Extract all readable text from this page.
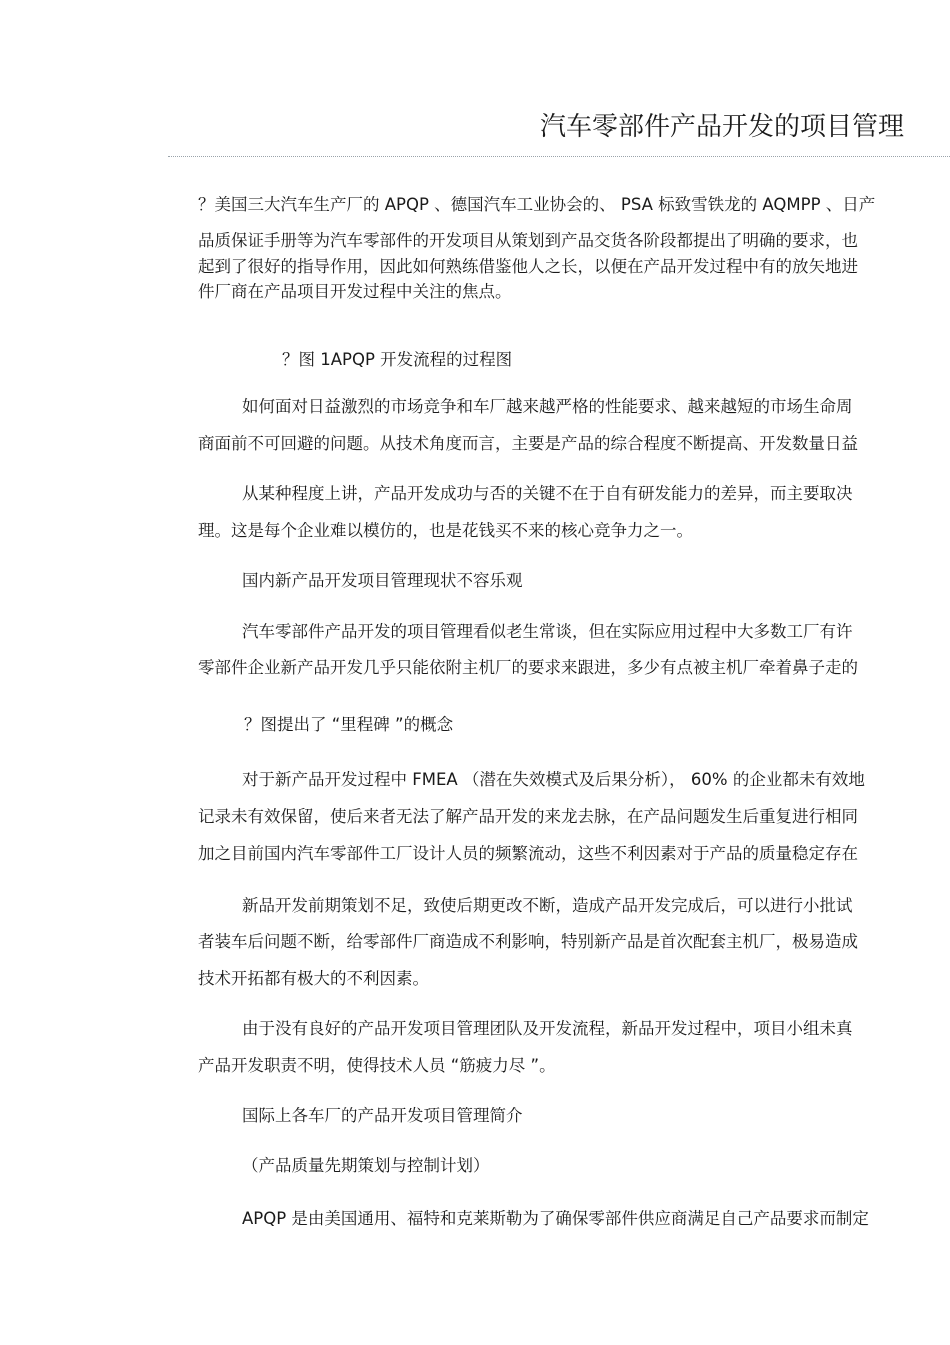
汽车零部件产品开发的项目管理
？美国三大汽车生产厂的 APQP 、德国汽车工业协会的、 PSA 标致雪铁龙的 AQMPP 、日产
品质保证手册等为汽车零部件的开发项目从策划到产品交货各阶段都提出了明确的要求，也
起到了很好的指导作用，因此如何熟练借鉴他人之长，以便在产品开发过程中有的放矢地进
件厂商在产品项目开发过程中关注的焦点。
？图 1APQP 开发流程的过程图
如何面对日益激烈的市场竞争和车厂越来越严格的性能要求、越来越短的市场生命周
商面前不可回避的问题。从技术角度而言，主要是产品的综合程度不断提高、开发数量日益
从某种程度上讲，产品开发成功与否的关键不在于自有研发能力的差异，而主要取决
理。这是每个企业难以模仿的，也是花钱买不来的核心竞争力之一。
国内新产品开发项目管理现状不容乐观
汽车零部件产品开发的项目管理看似老生常谈，但在实际应用过程中大多数工厂有许
零部件企业新产品开发几乎只能依附主机厂的要求来跟进，多少有点被主机厂牵着鼻子走的
？图提出了 “里程碑 ”的概念
对于新产品开发过程中 FMEA （潜在失效模式及后果分析）， 60% 的企业都未有效地
记录未有效保留，使后来者无法了解产品开发的来龙去脉，在产品问题发生后重复进行相同
加之目前国内汽车零部件工厂设计人员的频繁流动，这些不利因素对于产品的质量稳定存在
新品开发前期策划不足，致使后期更改不断，造成产品开发完成后，可以进行小批试
者装车后问题不断，给零部件厂商造成不利影响，特别新产品是首次配套主机厂，极易造成
技术开拓都有极大的不利因素。
由于没有良好的产品开发项目管理团队及开发流程，新品开发过程中，项目小组未真
产品开发职责不明，使得技术人员 “筋疲力尽 ”。
国际上各车厂的产品开发项目管理简介
（产品质量先期策划与控制计划）
APQP 是由美国通用、福特和克莱斯勒为了确保零部件供应商满足自己产品要求而制定
